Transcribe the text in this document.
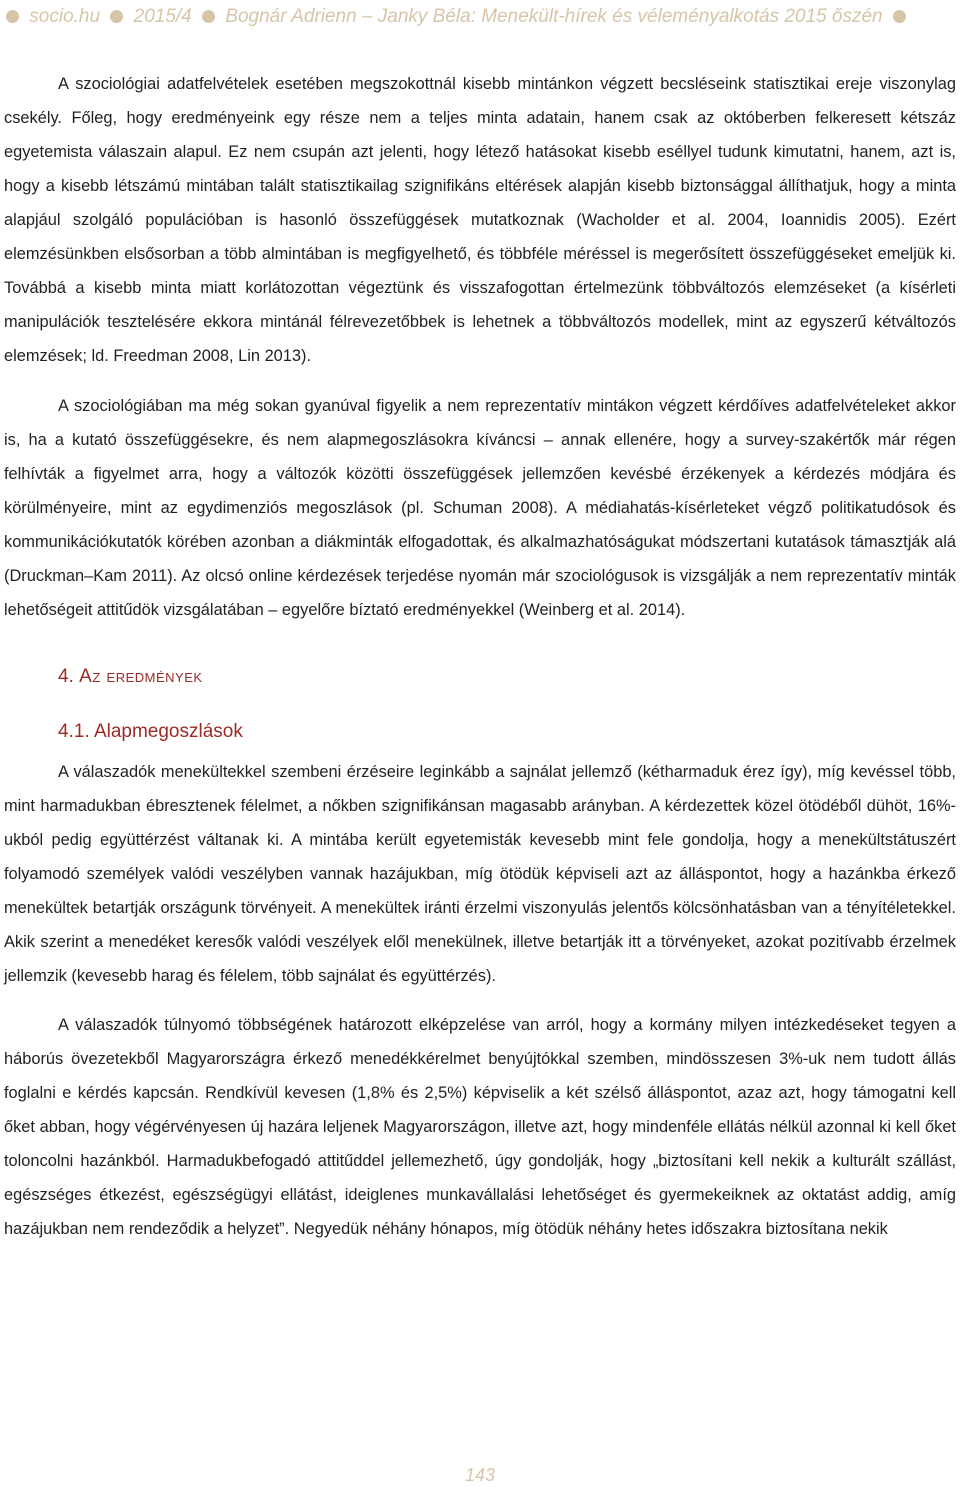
socio.hu 2015/4 Bognár Adrienn – Janky Béla: Menekült-hírek és véleményalkotás 2015 őszén

A szociológiai adatfelvételek esetében megszokottnál kisebb mintánkon végzett becsléseink statisztikai ereje viszonylag csekély. Főleg, hogy eredményeink egy része nem a teljes minta adatain, hanem csak az októberben felkeresett kétszáz egyetemista válaszain alapul. Ez nem csupán azt jelenti, hogy létező hatásokat kisebb eséllyel tudunk kimutatni, hanem, azt is, hogy a kisebb létszámú mintában talált statisztikailag szignifikáns eltérések alapján kisebb biztonsággal állíthatjuk, hogy a minta alapjául szolgáló populációban is hasonló összefüggések mutatkoznak (Wacholder et al. 2004, Ioannidis 2005). Ezért elemzésünkben elsősorban a több almintában is megfigyelhető, és többféle méréssel is megerősített összefüggéseket emeljük ki. Továbbá a kisebb minta miatt korlátozottan végeztünk és visszafogottan értelmezünk többváltozós elemzéseket (a kísérleti manipulációk tesztelésére ekkora mintánál félrevezetőbbek is lehetnek a többváltozós modellek, mint az egyszerű kétváltozós elemzések; ld. Freedman 2008, Lin 2013).

A szociológiában ma még sokan gyanúval figyelik a nem reprezentatív mintákon végzett kérdőíves adatfelvételeket akkor is, ha a kutató összefüggésekre, és nem alapmegoszlásokra kíváncsi – annak ellenére, hogy a survey-szakértők már régen felhívták a figyelmet arra, hogy a változók közötti összefüggések jellemzően kevésbé érzékenyek a kérdezés módjára és körülményeire, mint az egydimenziós megoszlások (pl. Schuman 2008). A médiahatás-kísérleteket végző politikatudósok és kommunikációkutatók körében azonban a diákminták elfogadottak, és alkalmazhatóságukat módszertani kutatások támasztják alá (Druckman–Kam 2011). Az olcsó online kérdezések terjedése nyomán már szociológusok is vizsgálják a nem reprezentatív minták lehetőségeit attitűdök vizsgálatában – egyelőre bíztató eredményekkel (Weinberg et al. 2014).

4. Az eredmények
4.1. Alapmegoszlások

A válaszadók menekültekkel szembeni érzéseire leginkább a sajnálat jellemző (kétharmaduk érez így), míg kevéssel több, mint harmadukban ébresztenek félelmet, a nőkben szignifikánsan magasabb arányban. A kérdezettek közel ötödéből dühöt, 16%-ukból pedig együttérzést váltanak ki. A mintába került egyetemisták kevesebb mint fele gondolja, hogy a menekültstátuszért folyamodó személyek valódi veszélyben vannak hazájukban, míg ötödük képviseli azt az álláspontot, hogy a hazánkba érkező menekültek betartják országunk törvényeit. A menekültek iránti érzelmi viszonyulás jelentős kölcsönhatásban van a tényítéletekkel. Akik szerint a menedéket keresők valódi veszélyek elől menekülnek, illetve betartják itt a törvényeket, azokat pozitívabb érzelmek jellemzik (kevesebb harag és félelem, több sajnálat és együttérzés).

A válaszadók túlnyomó többségének határozott elképzelése van arról, hogy a kormány milyen intézkedéseket tegyen a háborús övezetekből Magyarországra érkező menedékkérelmet benyújtókkal szemben, mindösszesen 3%-uk nem tudott állás foglalni e kérdés kapcsán. Rendkívül kevesen (1,8% és 2,5%) képviselik a két szélső álláspontot, azaz azt, hogy támogatni kell őket abban, hogy végérvényesen új hazára leljenek Magyarországon, illetve azt, hogy mindenféle ellátás nélkül azonnal ki kell őket toloncolni hazánkból. Harmadukbefogadó attitűddel jellemezhető, úgy gondolják, hogy „biztosítani kell nekik a kulturált szállást, egészséges étkezést, egészségügyi ellátást, ideiglenes munkavállalási lehetőséget és gyermekeiknek az oktatást addig, amíg hazájukban nem rendeződik a helyzet”. Negyedük néhány hónapos, míg ötödük néhány hetes időszakra biztosítana nekik

143
